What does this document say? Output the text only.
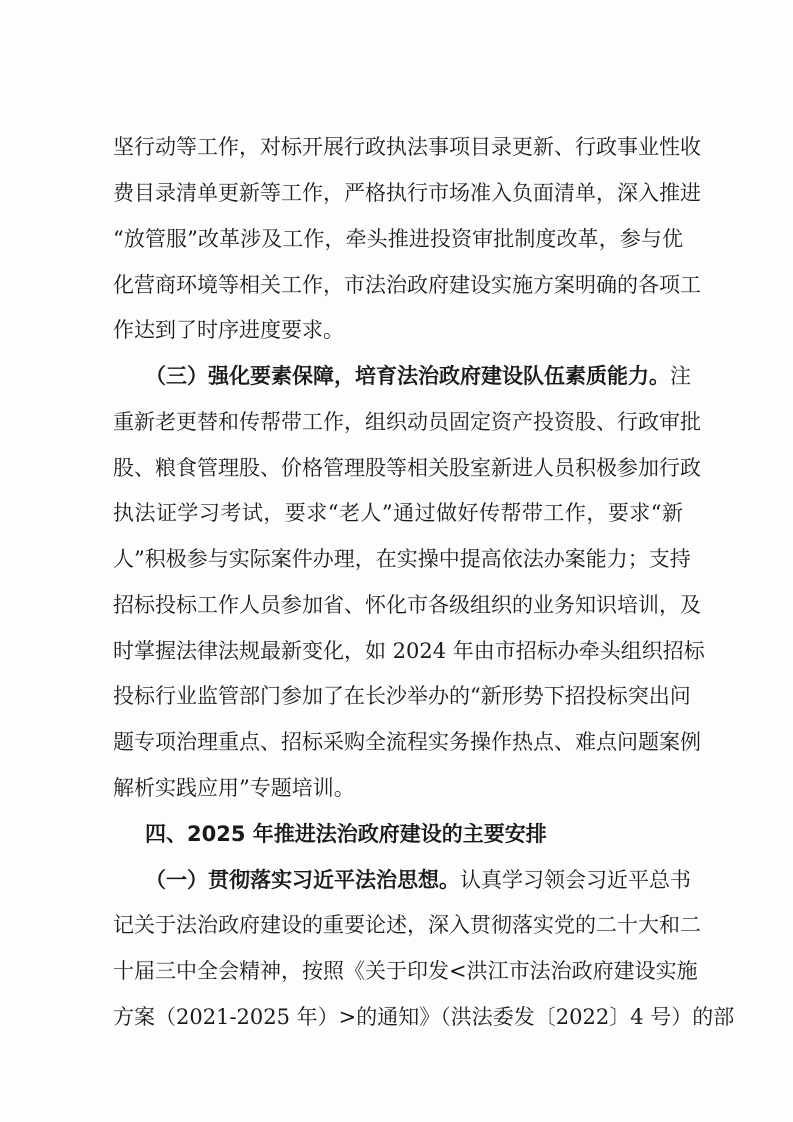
坚行动等工作，对标开展行政执法事项目录更新、行政事业性收
费目录清单更新等工作，严格执行市场准入负面清单，深入推进
“放管服”改革涉及工作，牵头推进投资审批制度改革，参与优
化营商环境等相关工作，市法治政府建设实施方案明确的各项工
作达到了时序进度要求。
（三）强化要素保障，培育法治政府建设队伍素质能力。注
重新老更替和传帮带工作，组织动员固定资产投资股、行政审批
股、粮食管理股、价格管理股等相关股室新进人员积极参加行政
执法证学习考试，要求“老人”通过做好传帮带工作，要求“新
人”积极参与实际案件办理，在实操中提高依法办案能力；支持
招标投标工作人员参加省、怀化市各级组织的业务知识培训，及
时掌握法律法规最新变化，如 2024 年由市招标办牵头组织招标
投标行业监管部门参加了在长沙举办的“新形势下招投标突出问
题专项治理重点、招标采购全流程实务操作热点、难点问题案例
解析实践应用”专题培训。
四、2025 年推进法治政府建设的主要安排
（一）贯彻落实习近平法治思想。认真学习领会习近平总书
记关于法治政府建设的重要论述，深入贯彻落实党的二十大和二
十届三中全会精神，按照《关于印发<洪江市法治政府建设实施
方案（2021-2025 年）>的通知》（洪法委发〔2022〕4 号）的部
